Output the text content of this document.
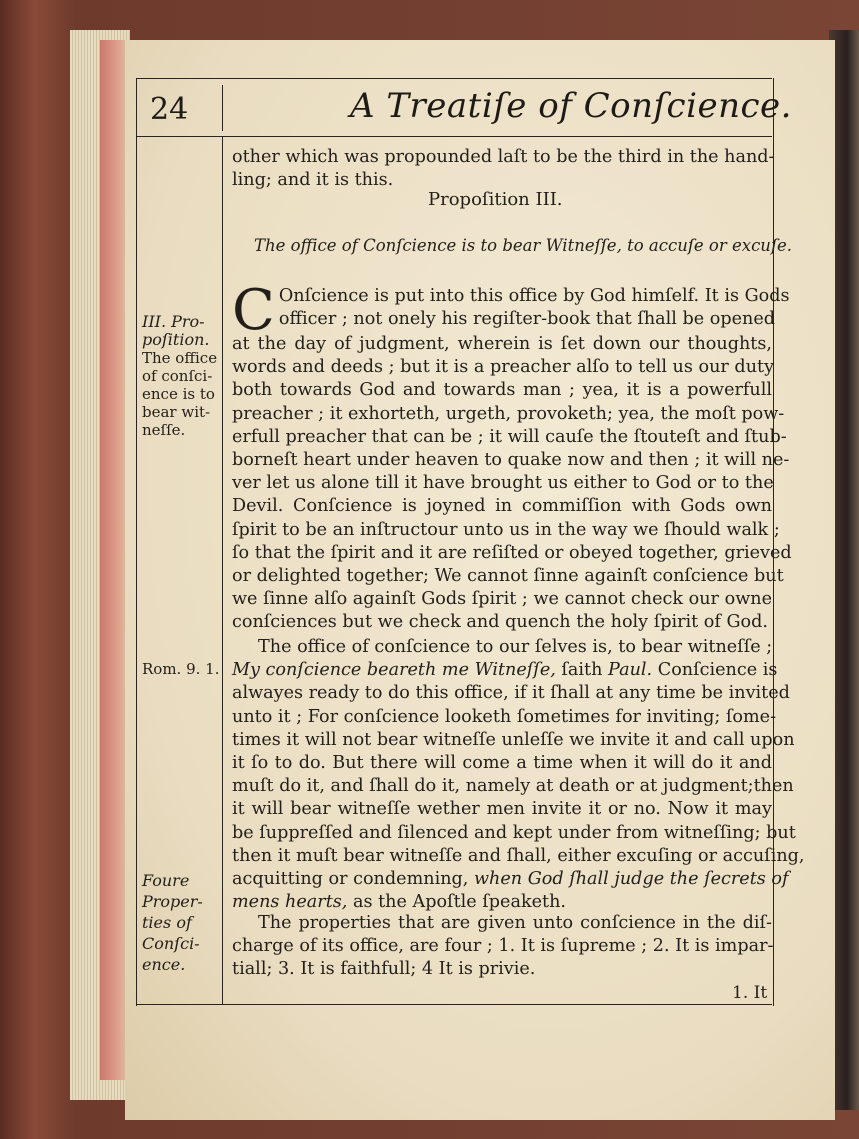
24	A Treatiſe of Conſcience.
other which was propounded laſt to be the third in the hand-
ling; and it is this.
Propoſition III.
The office of Conſcience is to bear Witneſſe, to accuſe or excuſe.
C Onſcience is put into this office by God himſelf. It is Gods
officer ; not onely his regiſter-book that ſhall be opened
at the day of judgment, wherein is ſet down our thoughts,
words and deeds ; but it is a preacher alſo to tell us our duty
both towards God and towards man ; yea, it is a powerfull
preacher ; it exhorteth, urgeth, provoketh; yea, the moſt pow-
erfull preacher that can be ; it will cauſe the ſtouteſt and ſtub-
borneſt heart under heaven to quake now and then ; it will ne-
ver let us alone till it have brought us either to God or to the
Devil. Conſcience is joyned in commiſſion with Gods own
ſpirit to be an inſtructour unto us in the way we ſhould walk ;
ſo that the ſpirit and it are reſiſted or obeyed together, grieved
or delighted together; We cannot ſinne againſt conſcience but
we ſinne alſo againſt Gods ſpirit ; we cannot check our owne
conſciences but we check and quench the holy ſpirit of God.
The office of conſcience to our ſelves is, to bear witneſſe ;
My conſcience beareth me Witneſſe, ſaith Paul. Conſcience is
alwayes ready to do this office, if it ſhall at any time be invited
unto it ; For conſcience looketh ſometimes for inviting; ſome-
times it will not bear witneſſe unleſſe we invite it and call upon
it ſo to do. But there will come a time when it will do it and
muſt do it, and ſhall do it, namely at death or at judgment;then
it will bear witneſſe wether men invite it or no. Now it may
be ſuppreſſed and ſilenced and kept under from witneſſing; but
then it muſt bear witneſſe and ſhall, either excuſing or accuſing,
acquitting or condemning, when God ſhall judge the ſecrets of
mens hearts, as the Apoſtle ſpeaketh.
The properties that are given unto conſcience in the diſ-
charge of its office, are four ; 1. It is ſupreme ; 2. It is impar-
tiall; 3. It is faithfull; 4 It is privie.
1. It
III. Pro-
poſition.
The office
of conſci-
ence is to
bear wit-
neſſe.
Rom. 9. 1.
Foure
Proper-
ties of
Conſci-
ence.
